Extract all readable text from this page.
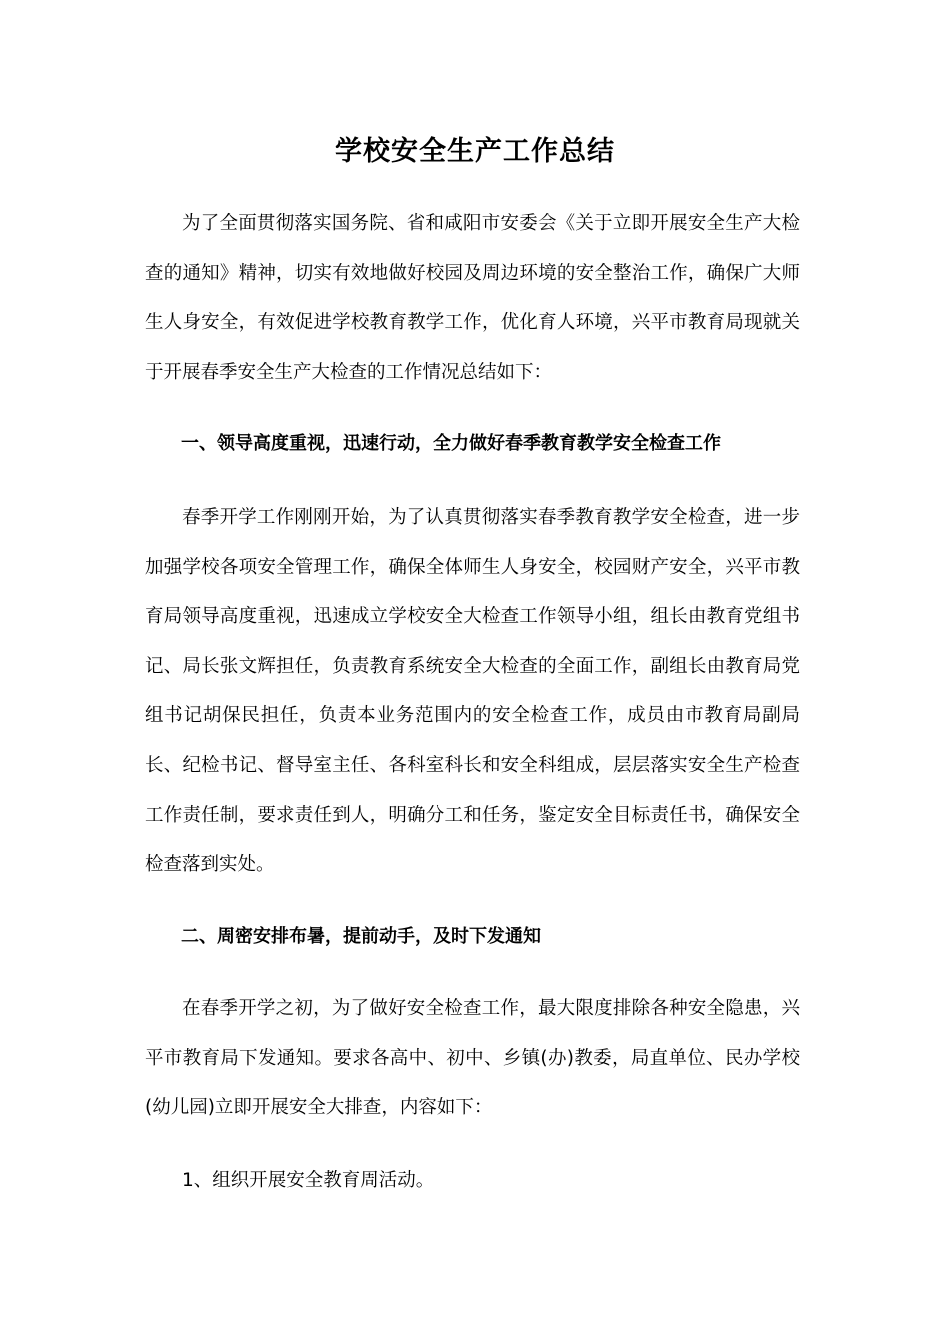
学校安全生产工作总结

为了全面贯彻落实国务院、省和咸阳市安委会《关于立即开展安全生产大检查的通知》精神，切实有效地做好校园及周边环境的安全整治工作，确保广大师生人身安全，有效促进学校教育教学工作，优化育人环境，兴平市教育局现就关于开展春季安全生产大检查的工作情况总结如下：

一、领导高度重视，迅速行动，全力做好春季教育教学安全检查工作

春季开学工作刚刚开始，为了认真贯彻落实春季教育教学安全检查，进一步加强学校各项安全管理工作，确保全体师生人身安全，校园财产安全，兴平市教育局领导高度重视，迅速成立学校安全大检查工作领导小组，组长由教育党组书记、局长张文辉担任，负责教育系统安全大检查的全面工作，副组长由教育局党组书记胡保民担任，负责本业务范围内的安全检查工作，成员由市教育局副局长、纪检书记、督导室主任、各科室科长和安全科组成，层层落实安全生产检查工作责任制，要求责任到人，明确分工和任务，鉴定安全目标责任书，确保安全检查落到实处。

二、周密安排布暑，提前动手，及时下发通知

在春季开学之初，为了做好安全检查工作，最大限度排除各种安全隐患，兴平市教育局下发通知。要求各高中、初中、乡镇(办)教委，局直单位、民办学校(幼儿园)立即开展安全大排查，内容如下：

1、组织开展安全教育周活动。
